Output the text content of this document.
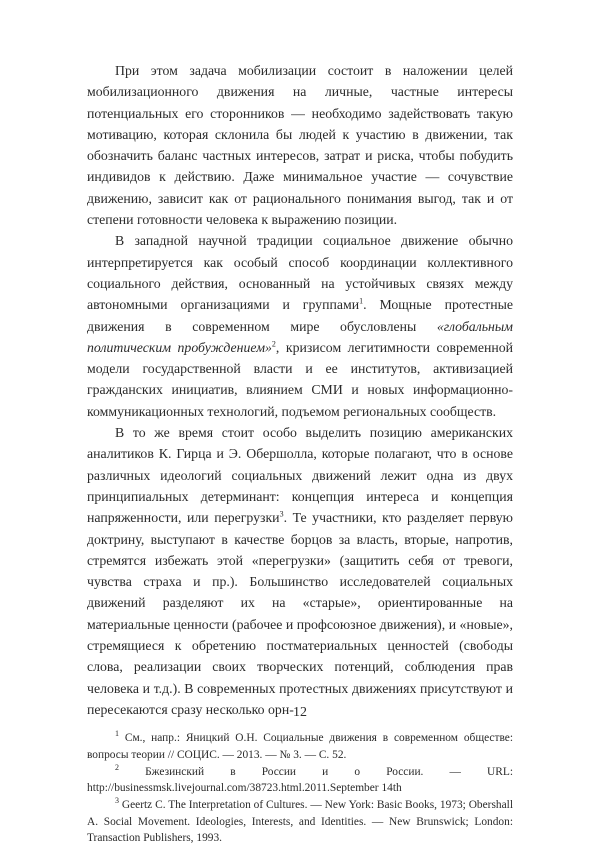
При этом задача мобилизации состоит в наложении целей мобилизационного движения на личные, частные интересы потенциальных его сторонников — необходимо задействовать такую мотивацию, которая склонила бы людей к участию в движении, так обозначить баланс частных интересов, затрат и риска, чтобы побудить индивидов к действию. Даже минимальное участие — сочувствие движению, зависит как от рационального понимания выгод, так и от степени готовности человека к выражению позиции.

В западной научной традиции социальное движение обычно интерпретируется как особый способ координации коллективного социального действия, основанный на устойчивых связях между автономными организациями и группами$^1$. Мощные протестные движения в современном мире обусловлены «глобальным политическим пробуждением»$^2$, кризисом легитимности современной модели государственной власти и ее институтов, активизацией гражданских инициатив, влиянием СМИ и новых информационно-коммуникационных технологий, подъемом региональных сообществ.

В то же время стоит особо выделить позицию американских аналитиков К. Гирца и Э. Обершолла, которые полагают, что в основе различных идеологий социальных движений лежит одна из двух принципиальных детерминант: концепция интереса и концепция напряженности, или перегрузки$^3$. Те участники, кто разделяет первую доктрину, выступают в качестве борцов за власть, вторые, напротив, стремятся избежать этой «перегрузки» (защитить себя от тревоги, чувства страха и пр.). Большинство исследователей социальных движений разделяют их на «старые», ориентированные на материальные ценности (рабочее и профсоюзное движения), и «новые», стремящиеся к обретению постматериальных ценностей (свободы слова, реализации своих творческих потенций, соблюдения прав человека и т.д.). В современных протестных движениях присутствуют и пересекаются сразу несколько орн-

$^1$ См., напр.: Яницкий О.Н. Социальные движения в современном обществе: вопросы теории // СОЦИС. — 2013. — № 3. — С. 52.

$^2$ Бжезинский в России и о России. — URL: http://businessmsk.livejournal.com/38723.html.2011.September 14th

$^3$ Geertz C. The Interpretation of Cultures. — New York: Basic Books, 1973; Obershall A. Social Movement. Ideologies, Interests, and Identities. — New Brunswick; London: Transaction Publishers, 1993.

12
